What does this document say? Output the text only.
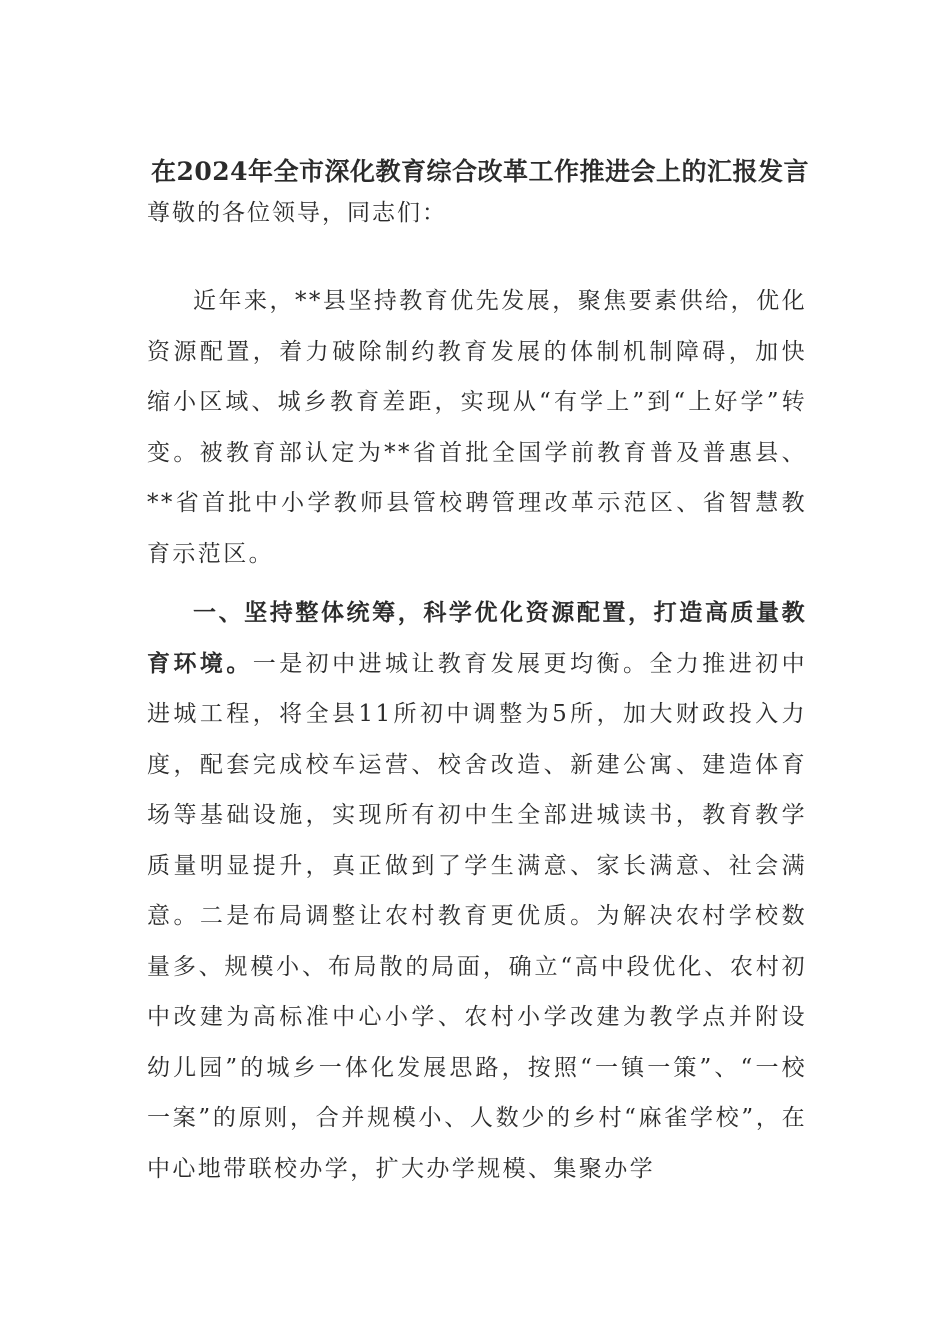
在2024年全市深化教育综合改革工作推进会上的汇报发言
尊敬的各位领导，同志们：

近年来，**县坚持教育优先发展，聚焦要素供给，优化资源配置，着力破除制约教育发展的体制机制障碍，加快缩小区域、城乡教育差距，实现从“有学上”到“上好学”转变。被教育部认定为**省首批全国学前教育普及普惠县、**省首批中小学教师县管校聘管理改革示范区、省智慧教育示范区。

一、坚持整体统筹，科学优化资源配置，打造高质量教育环境。一是初中进城让教育发展更均衡。全力推进初中进城工程，将全县11所初中调整为5所，加大财政投入力度，配套完成校车运营、校舍改造、新建公寓、建造体育场等基础设施，实现所有初中生全部进城读书，教育教学质量明显提升，真正做到了学生满意、家长满意、社会满意。二是布局调整让农村教育更优质。为解决农村学校数量多、规模小、布局散的局面，确立“高中段优化、农村初中改建为高标准中心小学、农村小学改建为教学点并附设幼儿园”的城乡一体化发展思路，按照“一镇一策”、“一校一案”的原则，合并规模小、人数少的乡村“麻雀学校”，在中心地带联校办学，扩大办学规模、集聚办学
